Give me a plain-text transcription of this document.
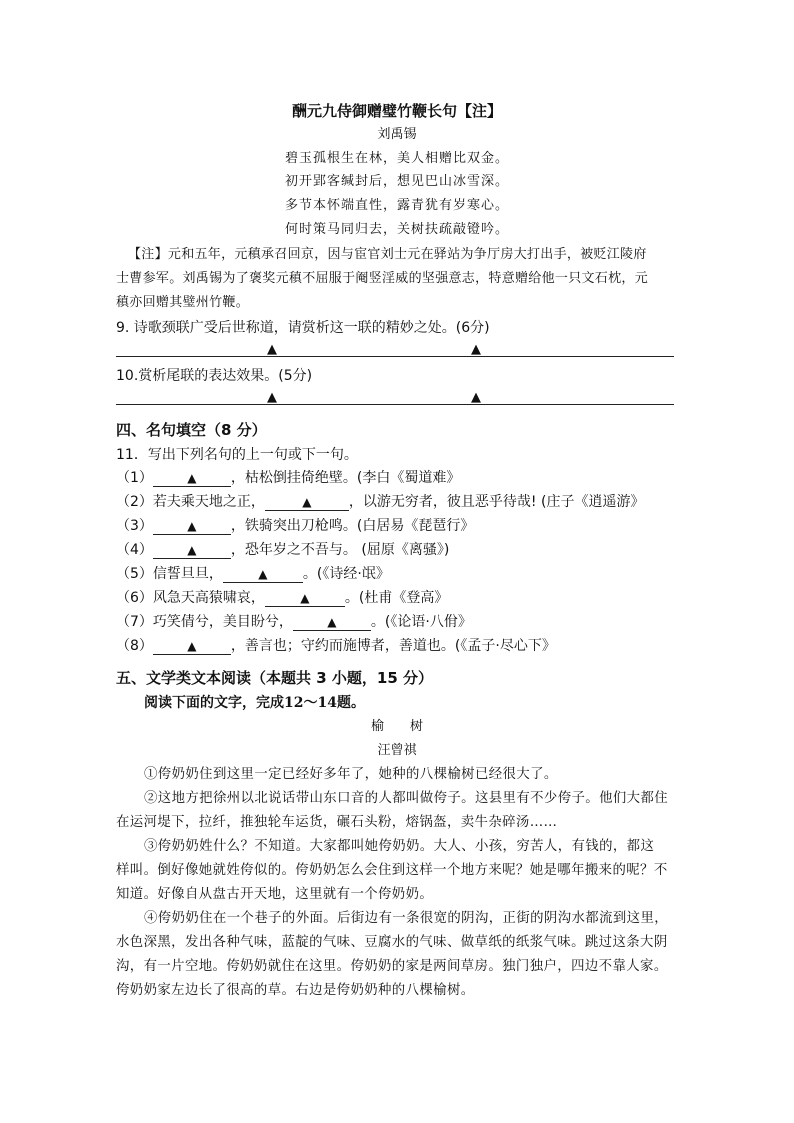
酬元九侍御赠璧竹鞭长句【注】
刘禹锡
碧玉孤根生在林，美人相赠比双金。
初开郢客缄封后，想见巴山冰雪深。
多节本怀端直性，露青犹有岁寒心。
何时策马同归去，关树扶疏敲镫吟。
【注】元和五年，元稹承召回京，因与宦官刘士元在驿站为争厅房大打出手，被贬江陵府
士曹参军。刘禹锡为了褒奖元稹不屈服于阉竖淫威的坚强意志，特意赠给他一只文石枕，元
稹亦回赠其璧州竹鞭。
9. 诗歌颈联广受后世称道，请赏析这一联的精妙之处。(6分)
▲	▲
10.赏析尾联的表达效果。(5分)
▲	▲
四、名句填空（8 分）
11．写出下列名句的上一句或下一句。
（1）	▲ ，枯松倒挂倚绝壁。(李白《蜀道难》
（2）若夫乘天地之正，	▲	，以游无穷者，彼且恶乎待哉! (庄子《逍遥游》
（3）	▲ ，铁骑突出刀枪鸣。(白居易《琵琶行》
（4）	▲ ，恐年岁之不吾与。 (屈原《离骚》)
（5）信誓旦旦，	▲	。(《诗经·氓》
（6）风急天高猿啸哀，	▲	。(杜甫《登高》
（7）巧笑倩兮，美目盼兮，	▲ 。(《论语·八佾》
（8）	▲ ，善言也；守约而施博者，善道也。(《孟子·尽心下》
五、文学类文本阅读（本题共 3 小题，15 分）
阅读下面的文字，完成12～14题。
榆　　树
汪曾祺
①侉奶奶住到这里一定已经好多年了，她种的八棵榆树已经很大了。
②这地方把徐州以北说话带山东口音的人都叫做侉子。这县里有不少侉子。他们大都住
在运河堤下，拉纤，推独轮车运货，碾石头粉，熔锅盔，卖牛杂碎汤……
③侉奶奶姓什么？不知道。大家都叫她侉奶奶。大人、小孩，穷苦人，有钱的，都这
样叫。倒好像她就姓侉似的。侉奶奶怎么会住到这样一个地方来呢？她是哪年搬来的呢？不
知道。好像自从盘古开天地，这里就有一个侉奶奶。
④侉奶奶住在一个巷子的外面。后街边有一条很宽的阴沟，正街的阴沟水都流到这里，
水色深黑，发出各种气味，蓝靛的气味、豆腐水的气味、做草纸的纸浆气味。跳过这条大阴
沟，有一片空地。侉奶奶就住在这里。侉奶奶的家是两间草房。独门独户，四边不靠人家。
侉奶奶家左边长了很高的草。右边是侉奶奶种的八棵榆树。
